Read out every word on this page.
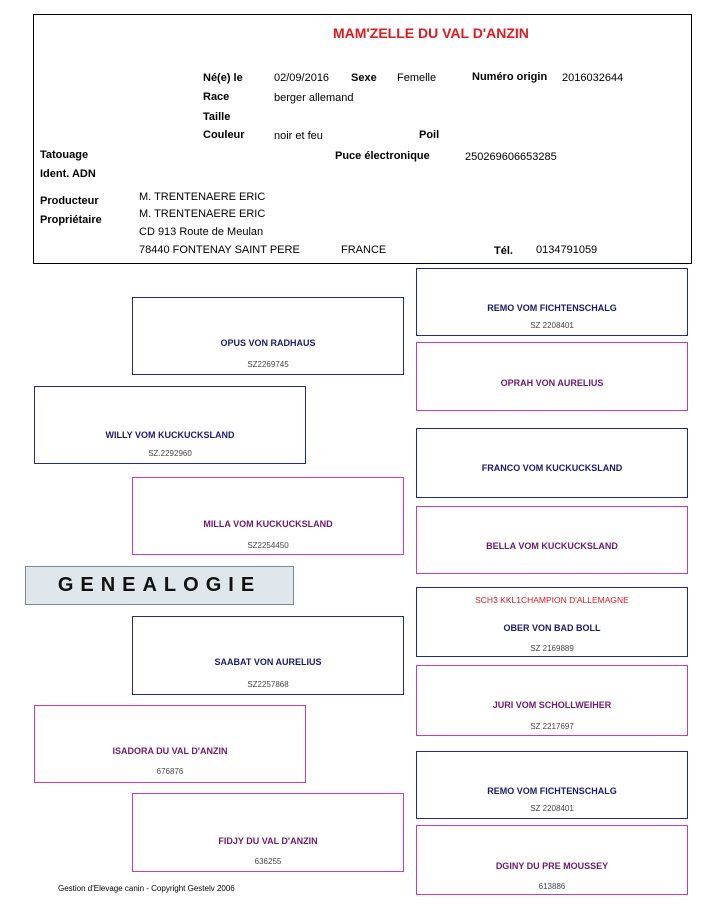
MAM'ZELLE DU VAL D'ANZIN
Né(e) le	02/09/2016 Sexe Femelle	Numéro origin 2016032644
Race	berger allemand
Taille
Couleur	noir et feu	Poil
Tatouage	Puce électronique	250269606653285
Ident. ADN
Producteur	M. TRENTENAERE ERIC
Propriétaire	M. TRENTENAERE ERIC
CD 913 Route de Meulan
78440 FONTENAY SAINT PERE	FRANCE	Tél. 0134791059
WILLY VOM KUCKUCKSLAND
SZ.2292960
ISADORA DU VAL D'ANZIN
676876
OPUS VON RADHAUS
SZ2269745
MILLA VOM KUCKUCKSLAND
SZ2254450
SAABAT VON AURELIUS
SZ2257868
FIDJY DU VAL D'ANZIN
636255
REMO VOM FICHTENSCHALG
SZ 2208401
OPRAH VON AURELIUS
FRANCO VOM KUCKUCKSLAND
BELLA VOM KUCKUCKSLAND
SCH3 KKL1CHAMPION D'ALLEMAGNE
OBER VON BAD BOLL
SZ 2169889
JURI VOM SCHOLLWEIHER
SZ 2217697
REMO VOM FICHTENSCHALG
SZ 2208401
DGINY DU PRE MOUSSEY
613886
GENEALOGIE
Gestion d'Elevage canin - Copyright Gestelv 2006
